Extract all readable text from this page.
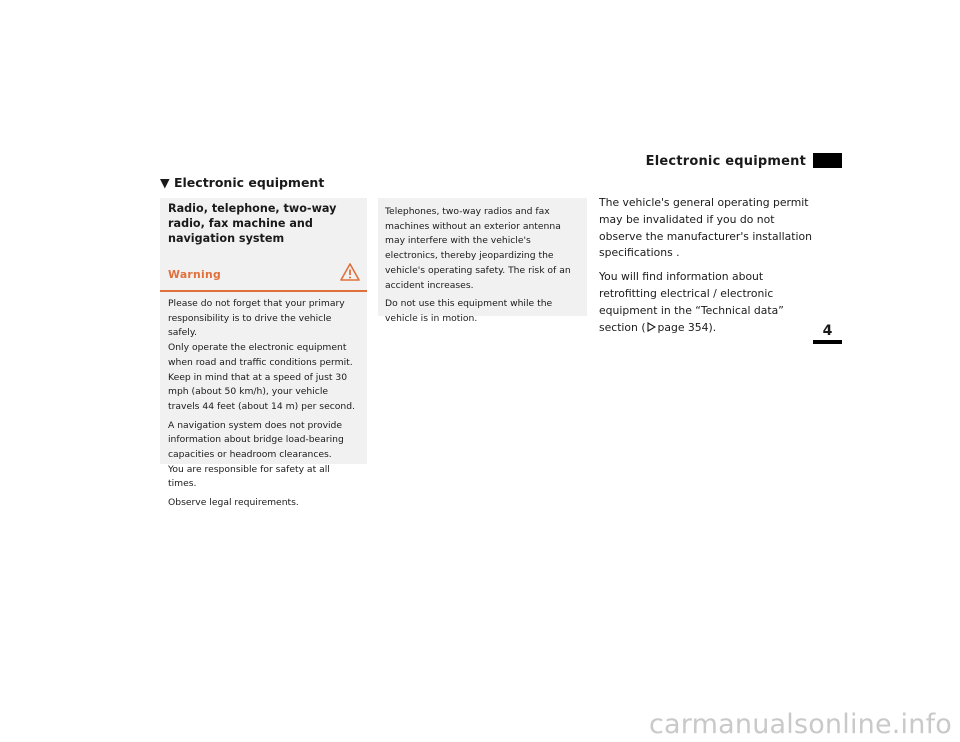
Electronic equipment
4
▼ Electronic equipment
Radio, telephone, two-way radio, fax machine and navigation system
Warning

Please do not forget that your primary responsibility is to drive the vehicle safely.

Only operate the electronic equipment when road and traffic conditions permit. Keep in mind that at a speed of just 30 mph (about 50 km/h), your vehicle travels 44 feet (about 14 m) per second.

A navigation system does not provide information about bridge load-bearing capacities or headroom clearances.

You are responsible for safety at all times.

Observe legal requirements.

Telephones, two-way radios and fax machines without an exterior antenna may interfere with the vehicle's electronics, thereby jeopardizing the vehicle's operating safety. The risk of an accident increases.

Do not use this equipment while the vehicle is in motion.

The vehicle's general operating permit may be invalidated if you do not observe the manufacturer's installation specifications .

You will find information about retrofitting electrical / electronic equipment in the “Technical data” section ( page 354).

carmanualsonline.info
